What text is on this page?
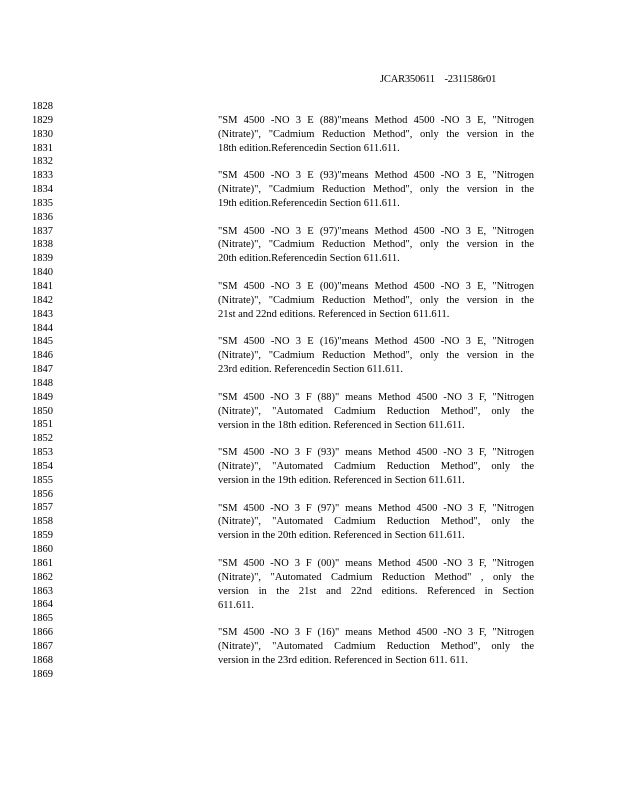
JCAR350611 -2311586r01
1828
1829
1830
1831
1832
1833
1834
1835
1836
1837
1838
1839
1840
1841
1842
1843
1844
1845
1846
1847
1848
1849
1850
1851
1852
1853
1854
1855
1856
1857
1858
1859
1860
1861
1862
1863
1864
1865
1866
1867
1868
1869
"SM 4500 -NO 3 E (88)"means Method 4500 -NO 3 E, "Nitrogen
(Nitrate)", "Cadmium Reduction Method", only the version in the
18th edition.Referencedin Section 611.611.
"SM 4500 -NO 3 E (93)"means Method 4500 -NO 3 E, "Nitrogen
(Nitrate)", "Cadmium Reduction Method", only the version in the
19th edition.Referencedin Section 611.611.
"SM 4500 -NO 3 E (97)"means Method 4500 -NO 3 E, "Nitrogen
(Nitrate)", "Cadmium Reduction Method", only the version in the
20th edition.Referencedin Section 611.611.
"SM 4500 -NO 3 E (00)"means Method 4500 -NO 3 E, "Nitrogen
(Nitrate)", "Cadmium Reduction Method", only the version in the
21st and 22nd editions. Referenced in Section 611.611.
"SM 4500 -NO 3 E (16)"means Method 4500 -NO 3 E, "Nitrogen
(Nitrate)", "Cadmium Reduction Method", only the version in the
23rd edition. Referencedin Section 611.611.
"SM 4500 -NO 3 F (88)" means Method 4500 -NO 3 F, "Nitrogen
(Nitrate)", "Automated Cadmium Reduction Method", only the
version in the 18th edition. Referenced in Section 611.611.
"SM 4500 -NO 3 F (93)" means Method 4500 -NO 3 F, "Nitrogen
(Nitrate)", "Automated Cadmium Reduction Method", only the
version in the 19th edition. Referenced in Section 611.611.
"SM 4500 -NO 3 F (97)" means Method 4500 -NO 3 F, "Nitrogen
(Nitrate)", "Automated Cadmium Reduction Method", only the
version in the 20th edition. Referenced in Section 611.611.
"SM 4500 -NO 3 F (00)" means Method 4500 -NO 3 F, "Nitrogen
(Nitrate)", "Automated Cadmium Reduction Method" , only the
version in the 21st and 22nd editions. Referenced in Section
611.611.
"SM 4500 -NO 3 F (16)" means Method 4500 -NO 3 F, "Nitrogen
(Nitrate)", "Automated Cadmium Reduction Method", only the
version in the 23rd edition. Referenced in Section 611. 611.
